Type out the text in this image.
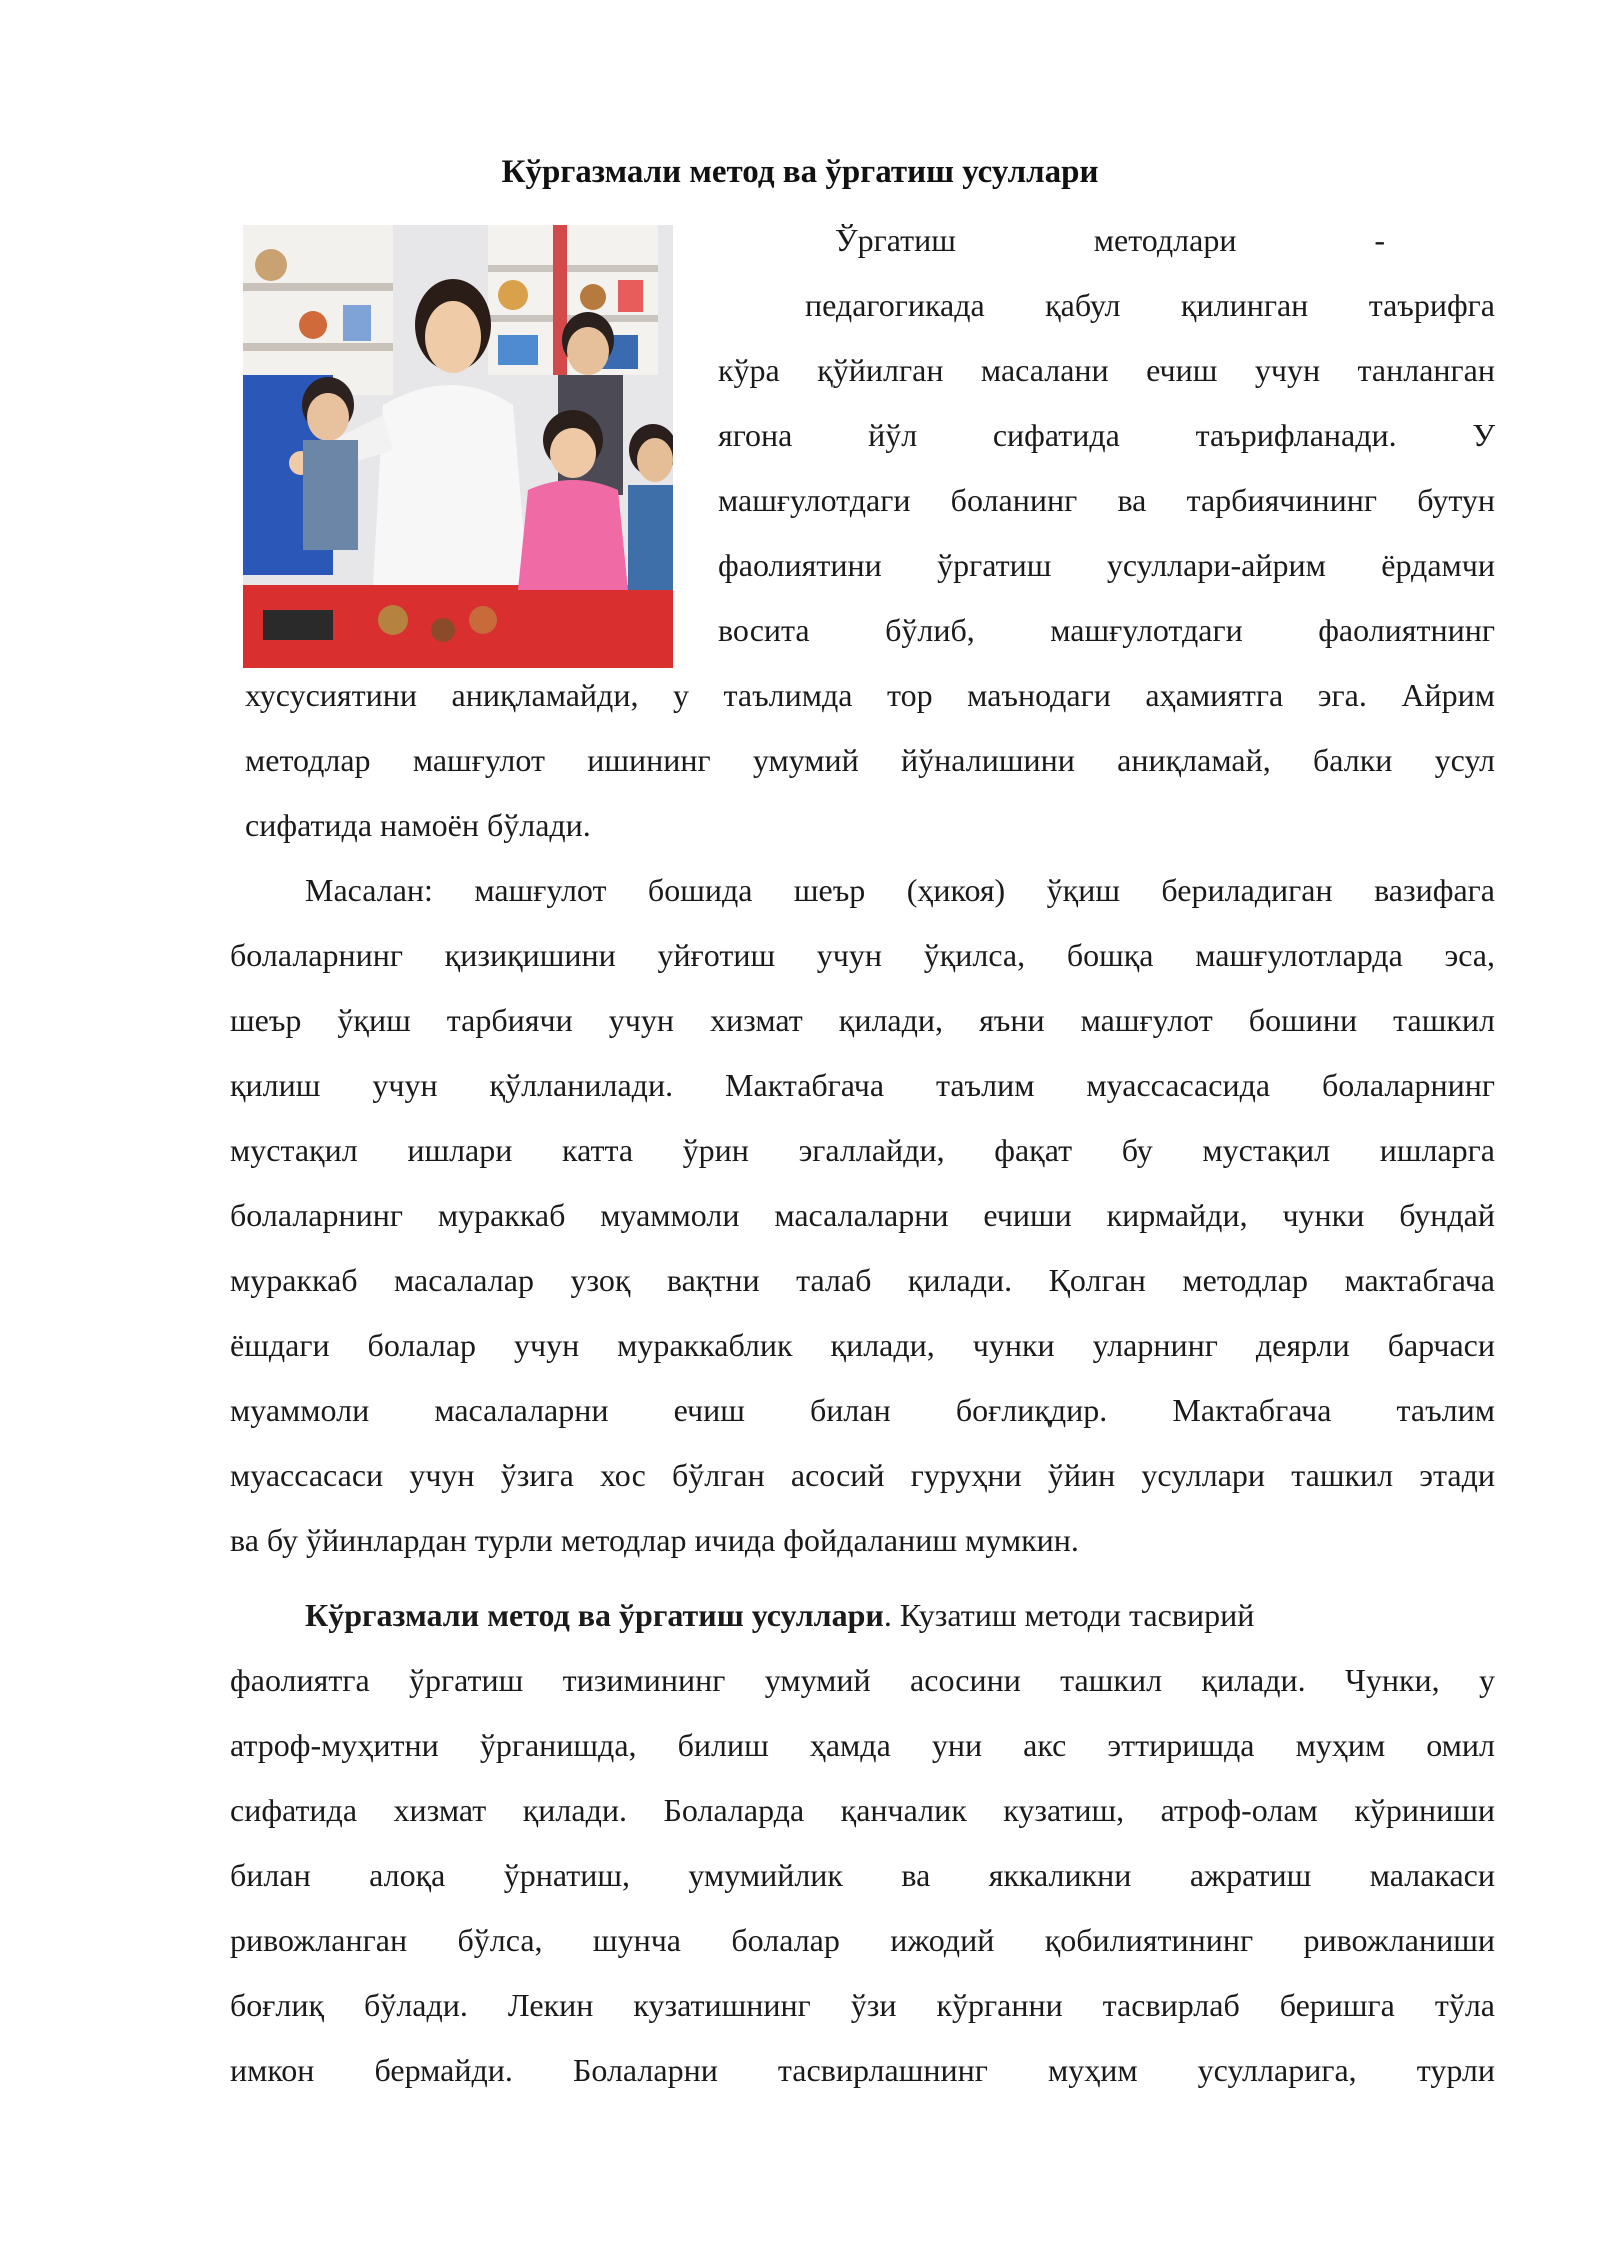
Кўргазмали метод ва ўргатиш усуллари
Ўргатиш методлари -
педагогикада қабул қилинган таърифга
кўра қўйилган масалани ечиш учун танланган
ягона йўл сифатида таърифланади. У
машғулотдаги боланинг ва тарбиячининг бутун
фаолиятини ўргатиш усуллари-айрим ёрдамчи
восита бўлиб, машғулотдаги фаолиятнинг
хусусиятини аниқламайди, у таълимда тор маънодаги аҳамиятга эга. Айрим
методлар машғулот ишининг умумий йўналишини аниқламай, балки усул
сифатида намоён бўлади.
Масалан: машғулот бошида шеър (ҳикоя) ўқиш бериладиган вазифага
болаларнинг қизиқишини уйғотиш учун ўқилса, бошқа машғулотларда эса,
шеър ўқиш тарбиячи учун хизмат қилади, яъни машғулот бошини ташкил
қилиш учун қўлланилади. Мактабгача таълим муассасасида болаларнинг
мустақил ишлари катта ўрин эгаллайди, фақат бу мустақил ишларга
болаларнинг мураккаб муаммоли масалаларни ечиши кирмайди, чунки бундай
мураккаб масалалар узоқ вақтни талаб қилади. Қолган методлар мактабгача
ёшдаги болалар учун мураккаблик қилади, чунки уларнинг деярли барчаси
муаммоли масалаларни ечиш билан боғлиқдир. Мактабгача таълим
муассасаси учун ўзига хос бўлган асосий гуруҳни ўйин усуллари ташкил этади
ва бу ўйинлардан турли методлар ичида фойдаланиш мумкин.
Кўргазмали метод ва ўргатиш усуллари. Кузатиш методи тасвирий
фаолиятга ўргатиш тизимининг умумий асосини ташкил қилади. Чунки, у
атроф-муҳитни ўрганишда, билиш ҳамда уни акс эттиришда муҳим омил
сифатида хизмат қилади. Болаларда қанчалик кузатиш, атроф-олам кўриниши
билан алоқа ўрнатиш, умумийлик ва яккаликни ажратиш малакаси
ривожланган бўлса, шунча болалар ижодий қобилиятининг ривожланиши
боғлиқ бўлади. Лекин кузатишнинг ўзи кўрганни тасвирлаб беришга тўла
имкон бермайди. Болаларни тасвирлашнинг муҳим усулларига, турли
